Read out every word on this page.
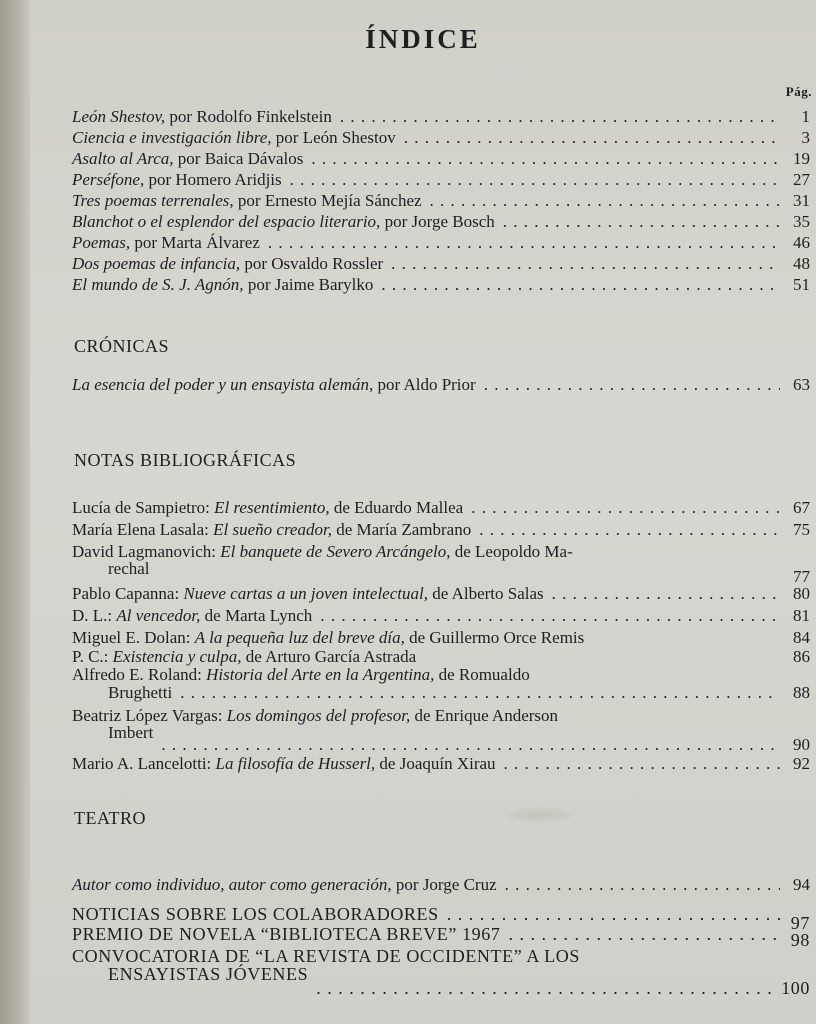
ÍNDICE
Pág.
León Shestov, por Rodolfo Finkelstein . . .	1
Ciencia e investigación libre, por León Shestov . . .	3
Asalto al Arca, por Baica Dávalos . . .	19
Perséfone, por Homero Aridjis . . .	27
Tres poemas terrenales, por Ernesto Mejía Sánchez . . .	31
Blanchot o el esplendor del espacio literario, por Jorge Bosch . . .	35
Poemas, por Marta Álvarez . . .	46
Dos poemas de infancia, por Osvaldo Rossler . . .	48
El mundo de S. J. Agnón, por Jaime Barylko . . .	51
CRÓNICAS
La esencia del poder y un ensayista alemán, por Aldo Prior . . .	63
NOTAS BIBLIOGRÁFICAS
Lucía de Sampietro: El resentimiento, de Eduardo Mallea . . .	67
María Elena Lasala: El sueño creador, de María Zambrano . . .	75
David Lagmanovich: El banquete de Severo Arcángelo, de Leopoldo Ma-
rechal	77
Pablo Capanna: Nueve cartas a un joven intelectual, de Alberto Salas . . .	80
D. L.: Al vencedor, de Marta Lynch . . .	81
Miguel E. Dolan: A la pequeña luz del breve día, de Guillermo Orce Remis	84
P. C.: Existencia y culpa, de Arturo García Astrada	86
Alfredo E. Roland: Historia del Arte en la Argentina, de Romualdo
Brughetti . . .	88
Beatriz López Vargas: Los domingos del profesor, de Enrique Anderson
Imbert
. . .
90
Mario A. Lancelotti: La filosofía de Husserl, de Joaquín Xirau . . .	92
TEATRO
Autor como individuo, autor como generación, por Jorge Cruz . . .	94
NOTICIAS SOBRE LOS COLABORADORES . . .	97
PREMIO DE NOVELA “BIBLIOTECA BREVE” 1967 . . .	98
CONVOCATORIA DE “LA REVISTA DE OCCIDENTE” A LOS
ENSAYISTAS JÓVENES
. . .
100
